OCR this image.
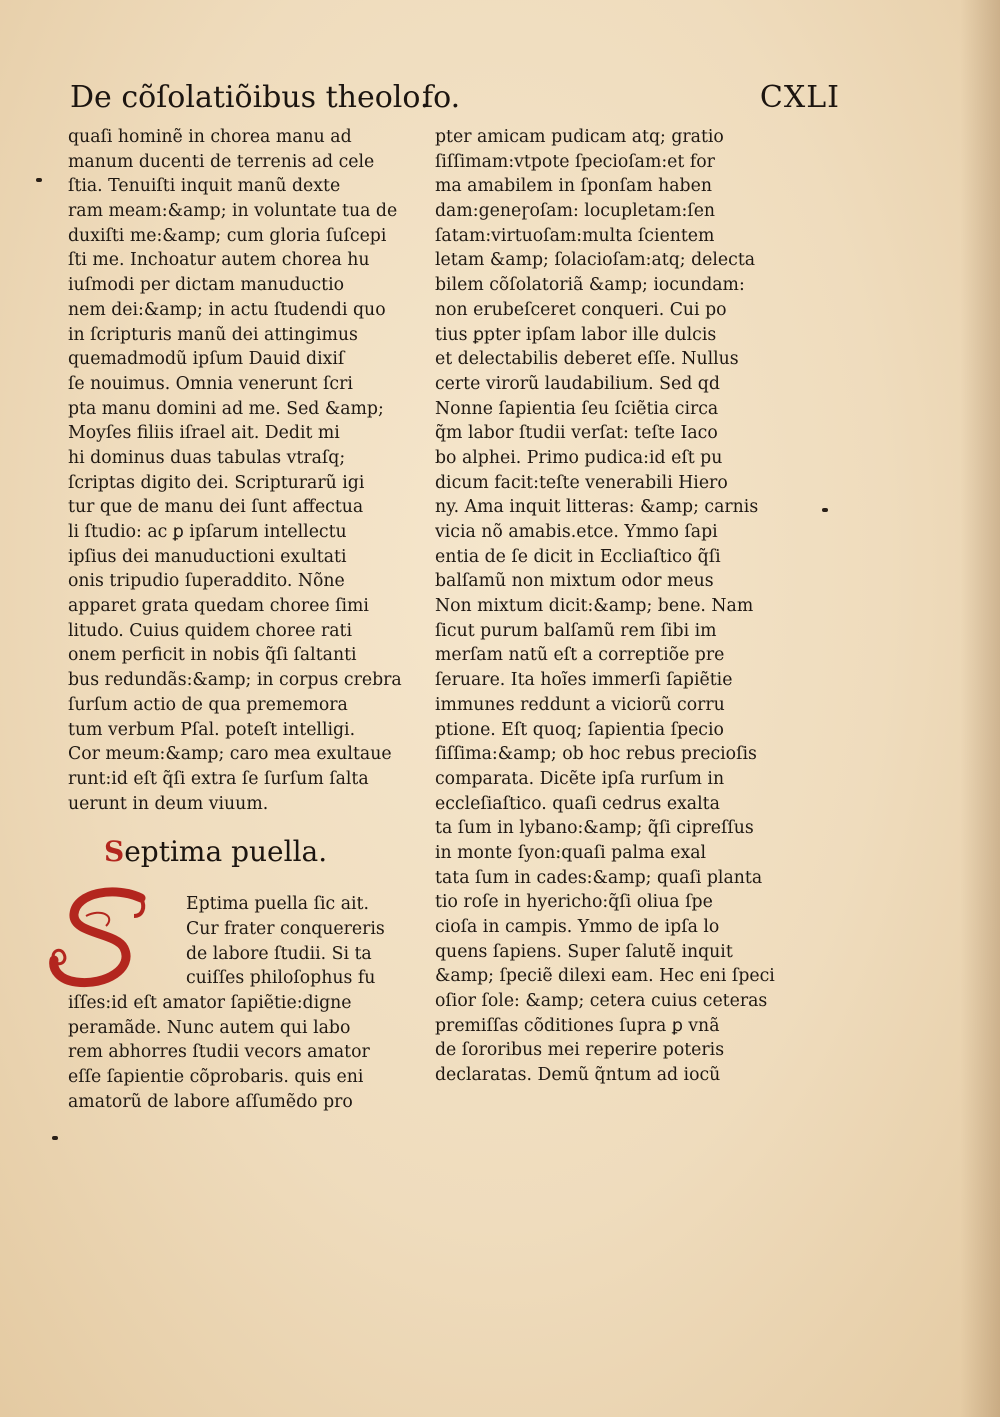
De cõſolatiõibus theolo.
fo.	CXLI
quaſi hominẽ in chorea manu ad
manum ducenti de terrenis ad cele
ſtia. Tenuiſti inquit manũ dexte
ram meam:&amp; in voluntate tua de
duxiſti me:&amp; cum gloria ſuſcepi
ſti me. Inchoatur autem chorea hu
iuſmodi per dictam manuductio
nem dei:&amp; in actu ſtudendi quo
in ſcripturis manũ dei attingimus
quemadmodũ ipſum Dauid dixiſ
ſe nouimus. Omnia venerunt ſcri
pta manu domini ad me. Sed &amp;
Moyſes filiis iſrael ait. Dedit mi
hi dominus duas tabulas vtraſq;
ſcriptas digito dei. Scripturarũ igi
tur que de manu dei ſunt affectua
li ſtudio: ac ꝑ ipſarum intellectu
ipſius dei manuductioni exultati
onis tripudio ſuperaddito. Nõne
apparet grata quedam choree ſimi
litudo. Cuius quidem choree rati
onem perficit in nobis q̃ſi ſaltanti
bus redundãs:&amp; in corpus crebra
ſurſum actio de qua prememora
tum verbum Pſal. poteſt intelligi.
Cor meum:&amp; caro mea exultaue
runt:id eſt q̃ſi extra ſe ſurſum ſalta
uerunt in deum viuum.
Septima puella.
S
Eptima puella ſic ait.
Cur frater conquereris
de labore ſtudii. Si ta
cuiſſes philoſophus fu
iſſes:id eſt amator ſapiẽtie:digne
peramãde. Nunc autem qui labo
rem abhorres ſtudii vecors amator
eſſe ſapientie cõprobaris. quis eni
amatorũ de labore aſſumẽdo pro
pter amicam pudicam atq; gratio
ſiſſimam:vtpote ſpecioſam:et for
ma amabilem in ſponſam haben
dam:geneɼoſam: locupletam:ſen
ſatam:virtuoſam:multa ſcientem
letam &amp; ſolacioſam:atq; delecta
bilem cõſolatoriã &amp; iocundam:
non erubeſceret conqueri. Cui po
tius ꝑpter ipſam labor ille dulcis
et delectabilis deberet eſſe. Nullus
certe virorũ laudabilium. Sed qd
Nonne ſapientia ſeu ſciẽtia circa
q̃m labor ſtudii verſat: teſte Iaco
bo alphei. Primo pudica:id eſt pu
dicum facit:teſte venerabili Hiero
ny. Ama inquit litteras: &amp; carnis
vicia nõ amabis.etce. Ymmo ſapi
entia de ſe dicit in Eccliaſtico q̃ſi
balſamũ non mixtum odor meus
Non mixtum dicit:&amp; bene. Nam
ſicut purum balſamũ rem ſibi im
merſam natũ eſt a correptiõe pre
ſeruare. Ita hoĩes immerſi ſapiẽtie
immunes reddunt a viciorũ corru
ptione. Eſt quoq; ſapientia ſpecio
ſiſſima:&amp; ob hoc rebus precioſis
comparata. Dicẽte ipſa rurſum in
eccleſiaſtico. quaſi cedrus exalta
ta ſum in lybano:&amp; q̃ſi cipreſſus
in monte ſyon:quaſi palma exal
tata ſum in cades:&amp; quaſi planta
tio roſe in hyericho:q̃ſi oliua ſpe
cioſa in campis. Ymmo de ipſa lo
quens ſapiens. Super ſalutẽ inquit
&amp; ſpeciẽ dilexi eam. Hec eni ſpeci
oſior ſole: &amp; cetera cuius ceteras
premiſſas cõditiones ſupra ꝑ vnã
de ſororibus mei reperire poteris
declaratas. Demũ q̃ntum ad iocũ
